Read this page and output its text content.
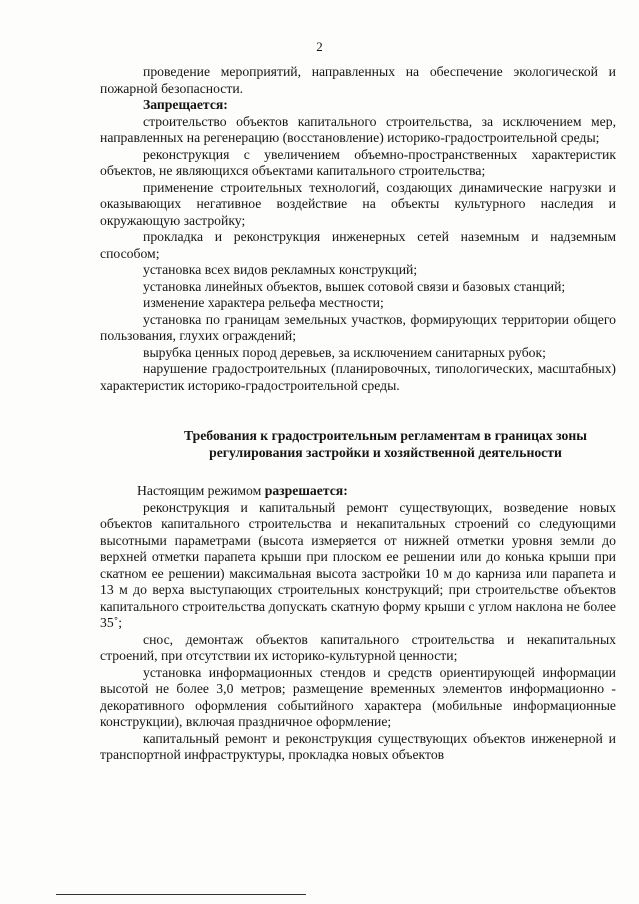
2

проведение мероприятий, направленных на обеспечение экологической и пожарной безопасности.

Запрещается:

строительство объектов капитального строительства, за исключением мер, направленных на регенерацию (восстановление) историко-градостроительной среды;

реконструкция с увеличением объемно-пространственных характеристик объектов, не являющихся объектами капитального строительства;

применение строительных технологий, создающих динамические нагрузки и оказывающих негативное воздействие на объекты культурного наследия и окружающую застройку;

прокладка и реконструкция инженерных сетей наземным и надземным способом;

установка всех видов рекламных конструкций;

установка линейных объектов, вышек сотовой связи и базовых станций;

изменение характера рельефа местности;

установка по границам земельных участков, формирующих территории общего пользования, глухих ограждений;

вырубка ценных пород деревьев, за исключением санитарных рубок;

нарушение градостроительных (планировочных, типологических, масштабных) характеристик историко-градостроительной среды.

Требования к градостроительным регламентам в границах зоны регулирования застройки и хозяйственной деятельности

Настоящим режимом разрешается:

реконструкция и капитальный ремонт существующих, возведение новых объектов капитального строительства и некапитальных строений со следующими высотными параметрами (высота измеряется от нижней отметки уровня земли до верхней отметки парапета крыши при плоском ее решении или до конька крыши при скатном ее решении) максимальная высота застройки 10 м до карниза или парапета и 13 м до верха выступающих строительных конструкций; при строительстве объектов капитального строительства допускать скатную форму крыши с углом наклона не более 35˚;

снос, демонтаж объектов капитального строительства и некапитальных строений, при отсутствии их историко-культурной ценности;

установка информационных стендов и средств ориентирующей информации высотой не более 3,0 метров; размещение временных элементов информационно - декоративного оформления событийного характера (мобильные информационные конструкции), включая праздничное оформление;

капитальный ремонт и реконструкция существующих объектов инженерной и транспортной инфраструктуры, прокладка новых объектов
